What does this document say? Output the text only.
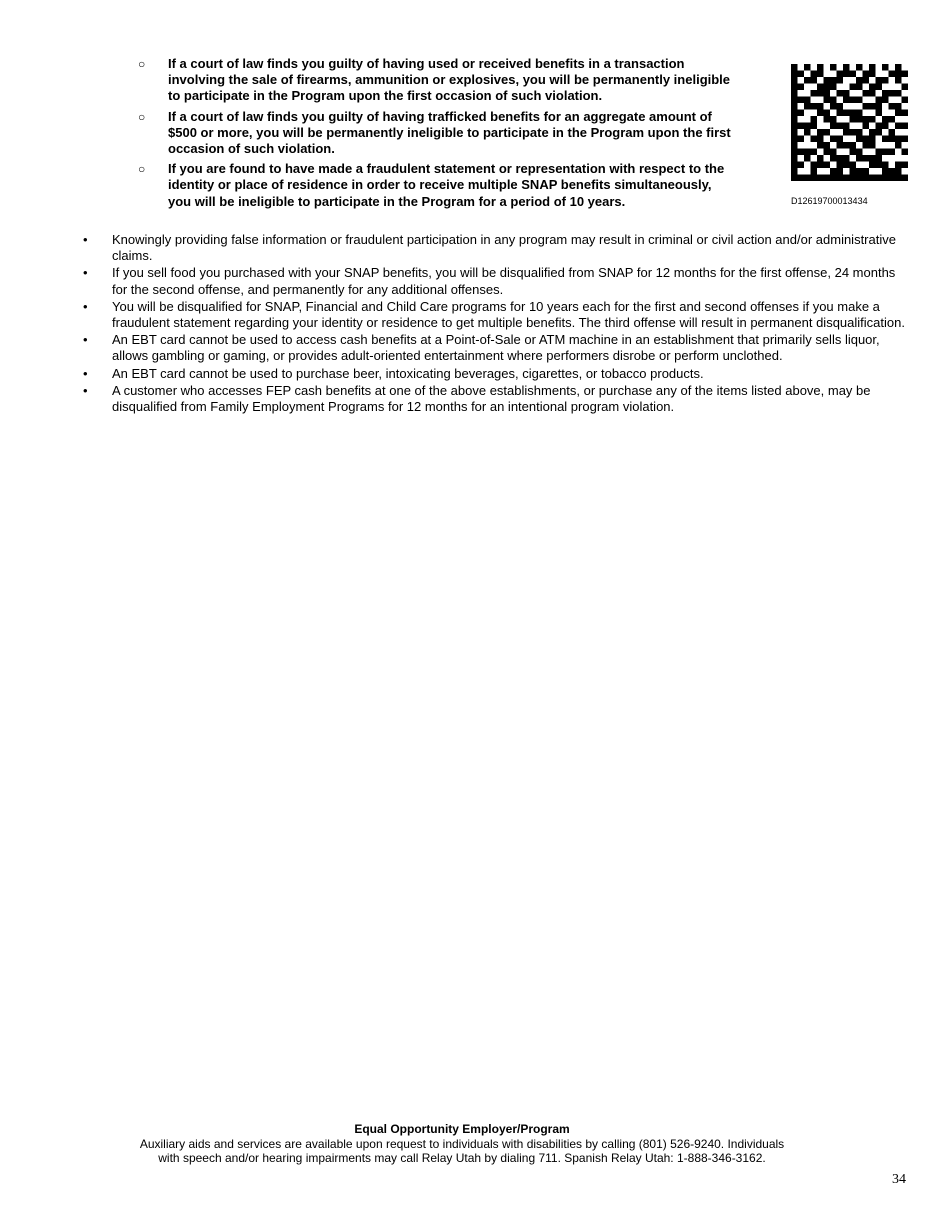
○ If a court of law finds you guilty of having used or received benefits in a transaction involving the sale of firearms, ammunition or explosives, you will be permanently ineligible to participate in the Program upon the first occasion of such violation.
○ If a court of law finds you guilty of having trafficked benefits for an aggregate amount of $500 or more, you will be permanently ineligible to participate in the Program upon the first occasion of such violation.
○ If you are found to have made a fraudulent statement or representation with respect to the identity or place of residence in order to receive multiple SNAP benefits simultaneously, you will be ineligible to participate in the Program for a period of 10 years.	D12619700013434
• Knowingly providing false information or fraudulent participation in any program may result in criminal or civil action and/or administrative claims.
• If you sell food you purchased with your SNAP benefits, you will be disqualified from SNAP for 12 months for the first offense, 24 months for the second offense, and permanently for any additional offenses.
• You will be disqualified for SNAP, Financial and Child Care programs for 10 years each for the first and second offenses if you make a fraudulent statement regarding your identity or residence to get multiple benefits. The third offense will result in permanent disqualification.
• An EBT card cannot be used to access cash benefits at a Point-of-Sale or ATM machine in an establishment that primarily sells liquor, allows gambling or gaming, or provides adult-oriented entertainment where performers disrobe or perform unclothed.
• An EBT card cannot be used to purchase beer, intoxicating beverages, cigarettes, or tobacco products.
• A customer who accesses FEP cash benefits at one of the above establishments, or purchase any of the items listed above, may be disqualified from Family Employment Programs for 12 months for an intentional program violation.
Equal Opportunity Employer/Program
Auxiliary aids and services are available upon request to individuals with disabilities by calling (801) 526-9240. Individuals
with speech and/or hearing impairments may call Relay Utah by dialing 711. Spanish Relay Utah: 1-888-346-3162.
34
